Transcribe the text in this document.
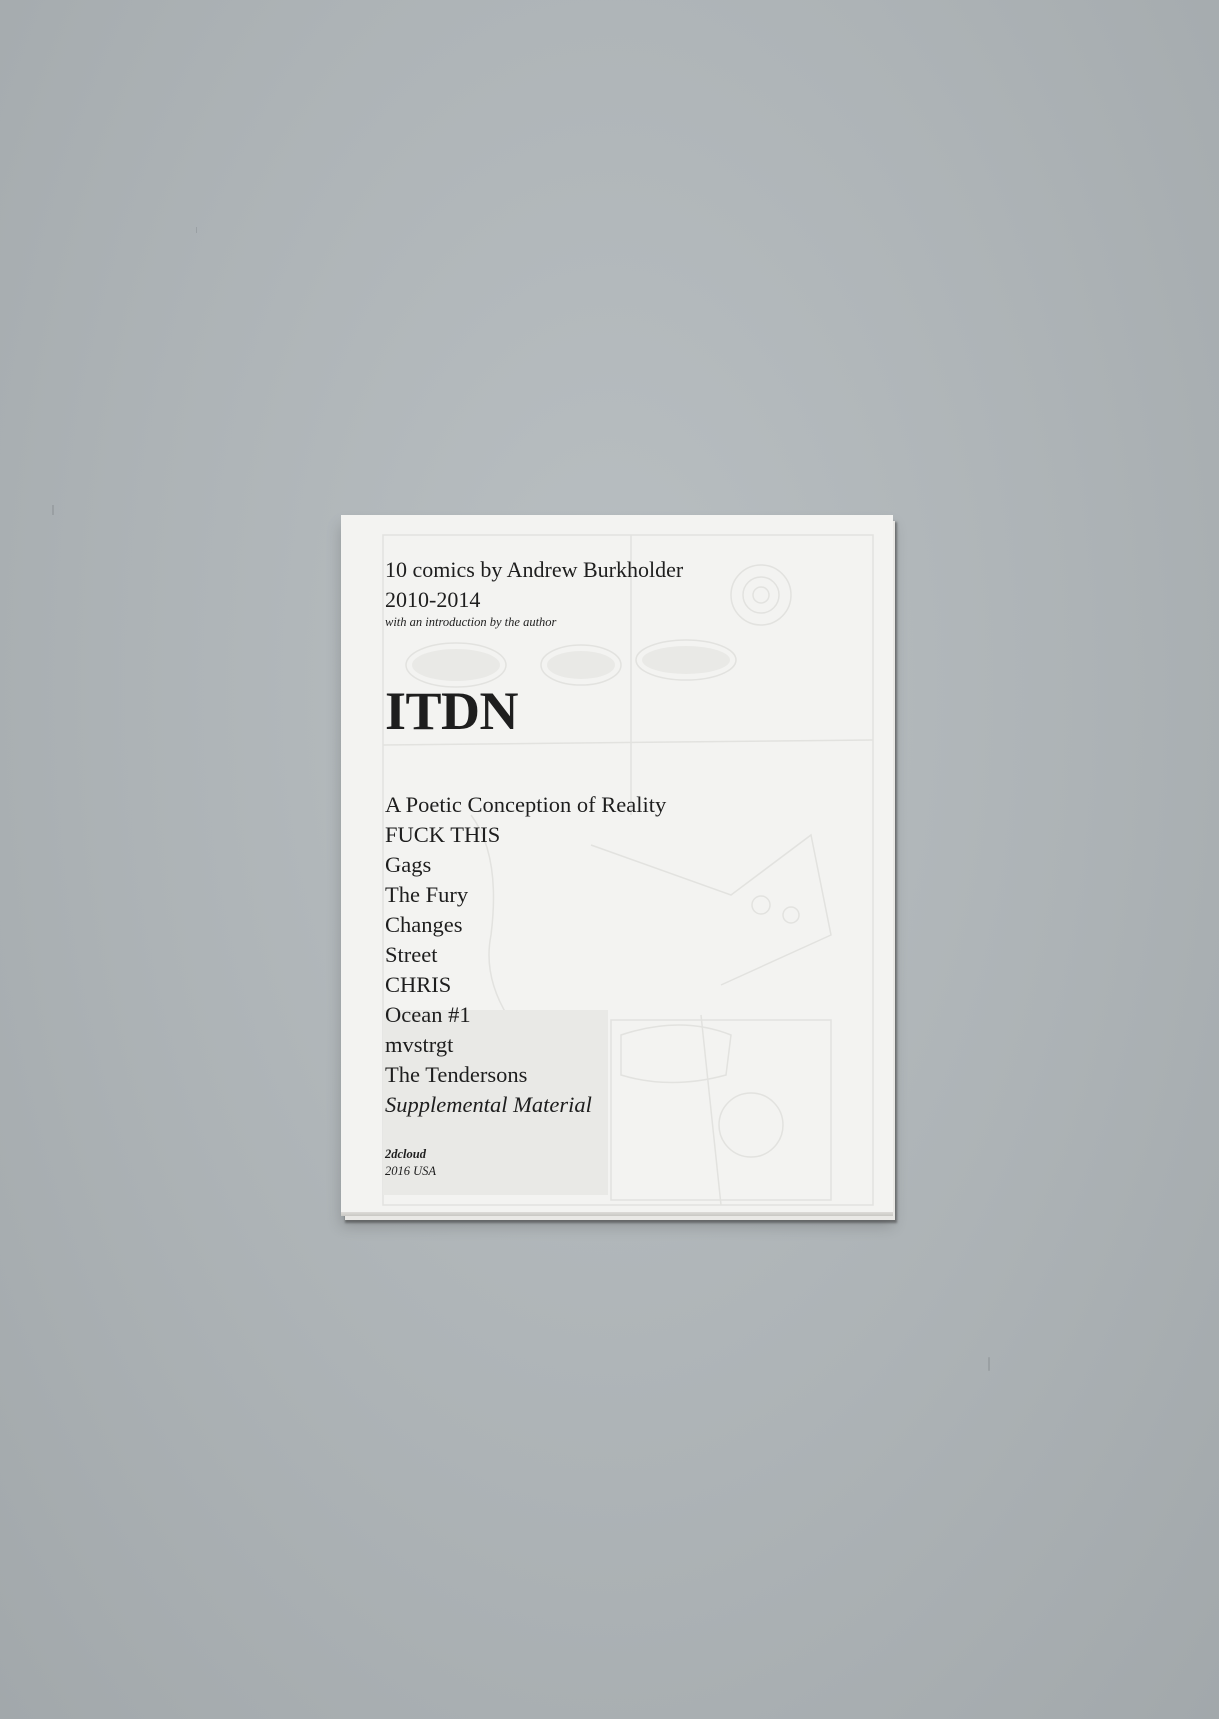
10 comics by Andrew Burkholder

2010-2014

with an introduction by the author

ITDN
A Poetic Conception of Reality
FUCK THIS
Gags
The Fury
Changes
Street
CHRIS
Ocean #1
mvstrgt
The Tendersons
Supplemental Material
2dcloud
2016 USA
